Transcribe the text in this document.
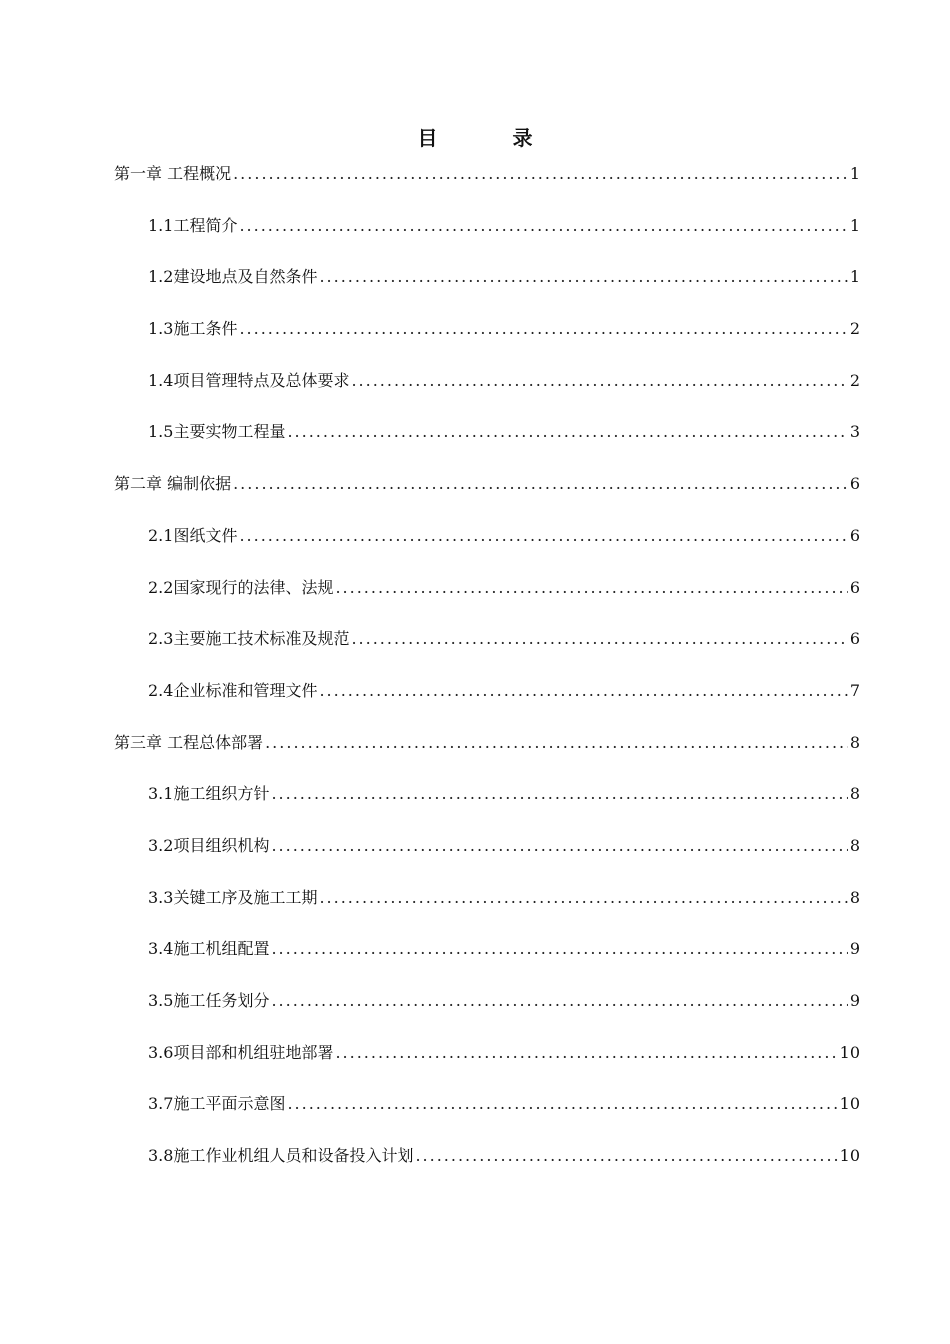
目 录
第一章 工程概况 .....	1
1.1工程简介 .....	1
1.2建设地点及自然条件 .....	1
1.3施工条件 .....	2
1.4项目管理特点及总体要求 .....	2
1.5主要实物工程量 .....	3
第二章 编制依据 .....	6
2.1图纸文件 .....	6
2.2国家现行的法律、法规 .....	6
2.3主要施工技术标准及规范 .....	6
2.4企业标准和管理文件 .....	7
第三章 工程总体部署 .....	8
3.1施工组织方针 .....	8
3.2项目组织机构 .....	8
3.3关键工序及施工工期 .....	8
3.4施工机组配置 .....	9
3.5施工任务划分 .....	9
3.6项目部和机组驻地部署 .....	10
3.7施工平面示意图 .....	10
3.8施工作业机组人员和设备投入计划 .....	10
